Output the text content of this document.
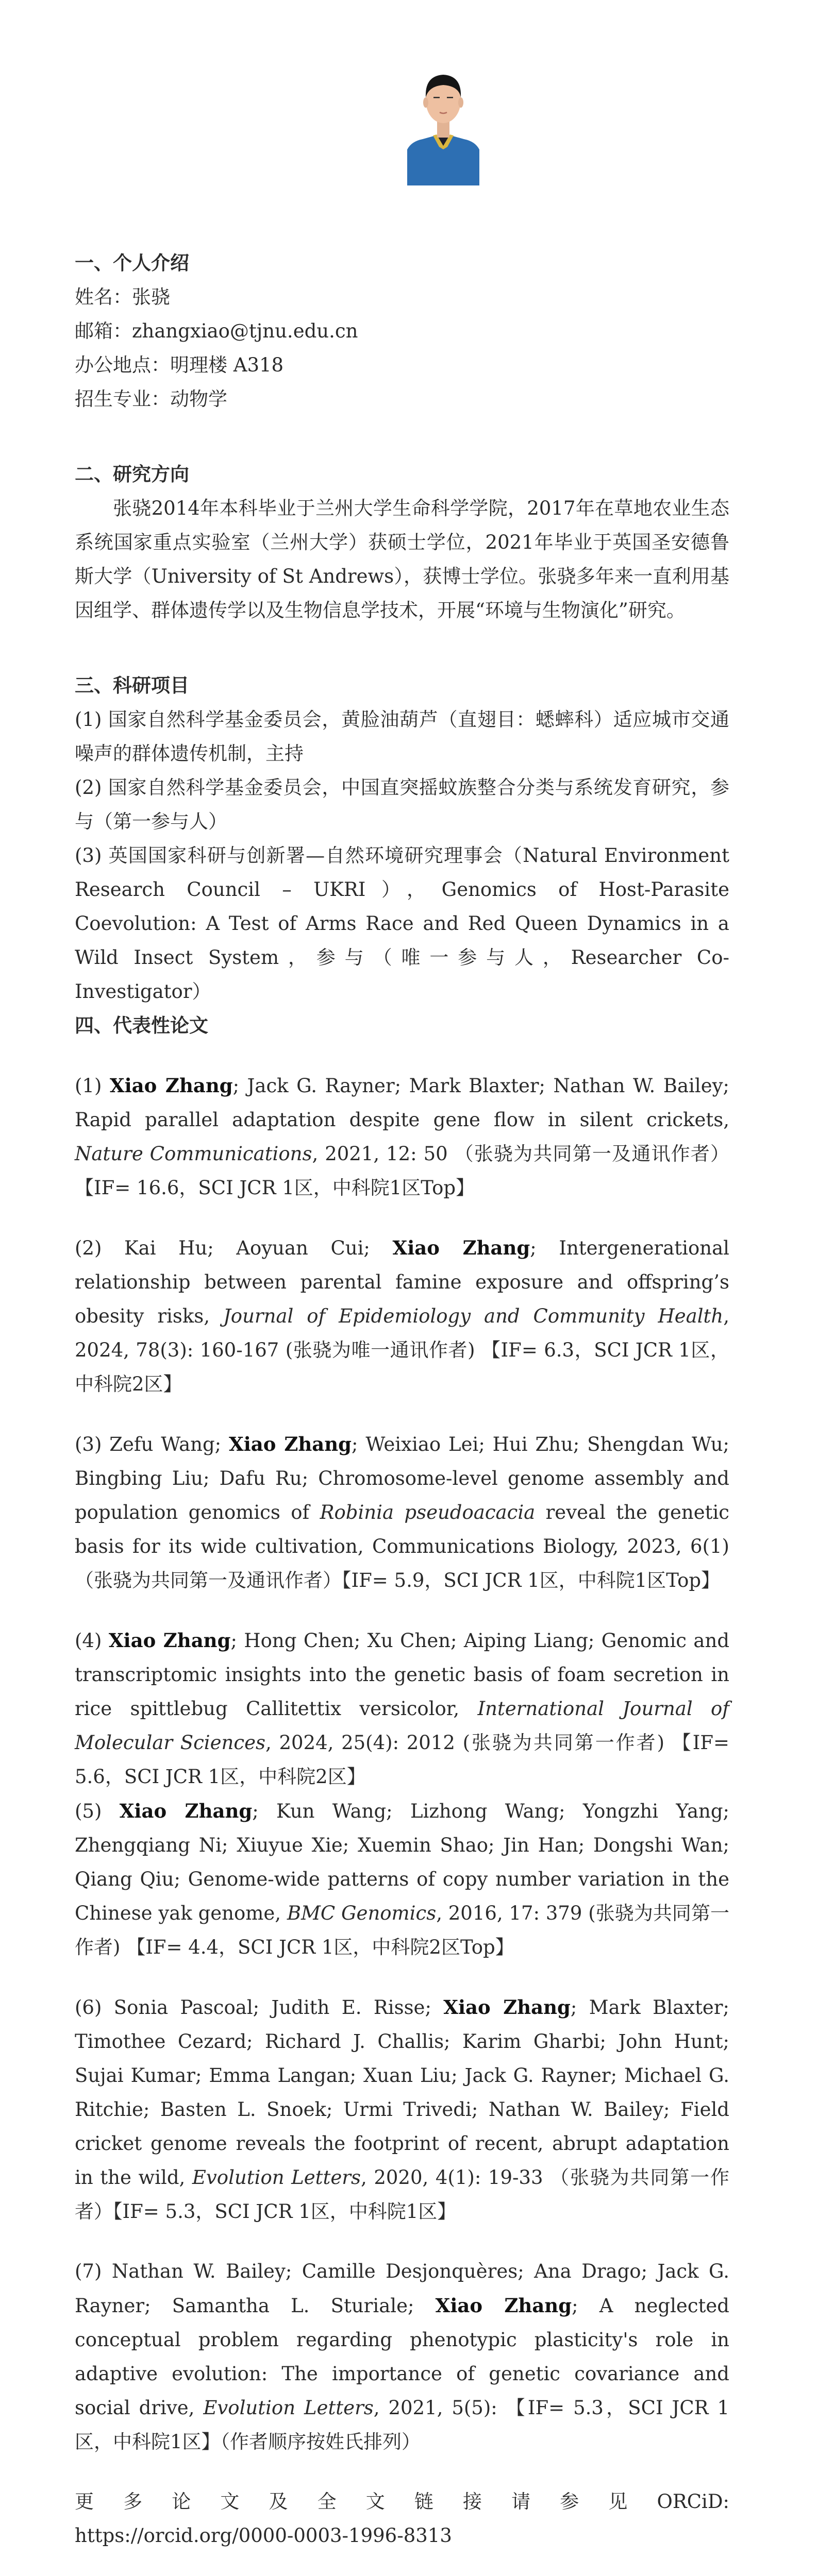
一、个人介绍

姓名：张骁

邮箱：zhangxiao@tjnu.edu.cn

办公地点：明理楼 A318

招生专业：动物学

二、研究方向

张骁2014年本科毕业于兰州大学生命科学学院，2017年在草地农业生态系统国家重点实验室（兰州大学）获硕士学位，2021年毕业于英国圣安德鲁斯大学（University of St Andrews），获博士学位。张骁多年来一直利用基因组学、群体遗传学以及生物信息学技术，开展“环境与生物演化”研究。

三、科研项目

(1) 国家自然科学基金委员会，黄脸油葫芦（直翅目：蟋蟀科）适应城市交通噪声的群体遗传机制，主持

(2) 国家自然科学基金委员会，中国直突摇蚊族整合分类与系统发育研究，参与（第一参与人）

(3) 英国国家科研与创新署—自然环境研究理事会（Natural Environment Research Council – UKRI），Genomics of Host-Parasite Coevolution: A Test of Arms Race and Red Queen Dynamics in a Wild Insect System，参与（唯一参与人，Researcher Co- Investigator）

四、代表性论文

(1) Xiao Zhang; Jack G. Rayner; Mark Blaxter; Nathan W. Bailey; Rapid parallel adaptation despite gene flow in silent crickets, Nature Communications, 2021, 12: 50 （张骁为共同第一及通讯作者）【IF= 16.6，SCI JCR 1区，中科院1区Top】

(2) Kai Hu; Aoyuan Cui; Xiao Zhang; Intergenerational relationship between parental famine exposure and offspring’s obesity risks, Journal of Epidemiology and Community Health, 2024, 78(3): 160-167 (张骁为唯一通讯作者) 【IF= 6.3，SCI JCR 1区，中科院2区】

(3) Zefu Wang; Xiao Zhang; Weixiao Lei; Hui Zhu; Shengdan Wu; Bingbing Liu; Dafu Ru; Chromosome-level genome assembly and population genomics of Robinia pseudoacacia reveal the genetic basis for its wide cultivation, Communications Biology, 2023, 6(1) （张骁为共同第一及通讯作者）【IF= 5.9，SCI JCR 1区，中科院1区Top】

(4) Xiao Zhang; Hong Chen; Xu Chen; Aiping Liang; Genomic and transcriptomic insights into the genetic basis of foam secretion in rice spittlebug Callitettix versicolor, International Journal of Molecular Sciences, 2024, 25(4): 2012 (张骁为共同第一作者) 【IF= 5.6，SCI JCR 1区，中科院2区】

(5) Xiao Zhang; Kun Wang; Lizhong Wang; Yongzhi Yang; Zhengqiang Ni; Xiuyue Xie; Xuemin Shao; Jin Han; Dongshi Wan; Qiang Qiu; Genome-wide patterns of copy number variation in the Chinese yak genome, BMC Genomics, 2016, 17: 379 (张骁为共同第一作者) 【IF= 4.4，SCI JCR 1区，中科院2区Top】

(6) Sonia Pascoal; Judith E. Risse; Xiao Zhang; Mark Blaxter; Timothee Cezard; Richard J. Challis; Karim Gharbi; John Hunt; Sujai Kumar; Emma Langan; Xuan Liu; Jack G. Rayner; Michael G. Ritchie; Basten L. Snoek; Urmi Trivedi; Nathan W. Bailey; Field cricket genome reveals the footprint of recent, abrupt adaptation in the wild, Evolution Letters, 2020, 4(1): 19-33 （张骁为共同第一作者）【IF= 5.3，SCI JCR 1区，中科院1区】

(7) Nathan W. Bailey; Camille Desjonquères; Ana Drago; Jack G. Rayner; Samantha L. Sturiale; Xiao Zhang; A neglected conceptual problem regarding phenotypic plasticity's role in adaptive evolution: The importance of genetic covariance and social drive, Evolution Letters, 2021, 5(5): 【IF= 5.3，SCI JCR 1区，中科院1区】（作者顺序按姓氏排列）

更多论文及全文链接请参见ORCiD:

https://orcid.org/0000-0003-1996-8313
